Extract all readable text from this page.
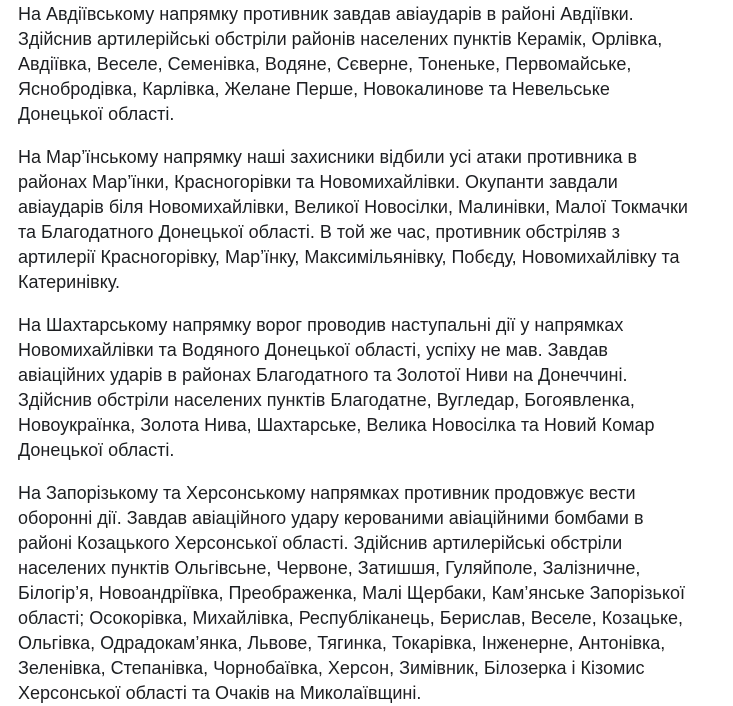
На Авдіївському напрямку противник завдав авіаударів в районі Авдіївки.
Здійснив артилерійські обстріли районів населених пунктів Керамік, Орлівка,
Авдіївка, Веселе, Семенівка, Водяне, Сєверне, Тоненьке, Первомайське,
Яснобродівка, Карлівка, Желане Перше, Новокалинове та Невельське
Донецької області.

На Мар’їнському напрямку наші захисники відбили усі атаки противника в
районах Мар’їнки, Красногорівки та Новомихайлівки. Окупанти завдали
авіаударів біля Новомихайлівки, Великої Новосілки, Малинівки, Малої Токмачки
та Благодатного Донецької області. В той же час, противник обстріляв з
артилерії Красногорівку, Мар’їнку, Максимільянівку, Побєду, Новомихайлівку та
Катеринівку.

На Шахтарському напрямку ворог проводив наступальні дії у напрямках
Новомихайлівки та Водяного Донецької області, успіху не мав. Завдав
авіаційних ударів в районах Благодатного та Золотої Ниви на Донеччині.
Здійснив обстріли населених пунктів Благодатне, Вугледар, Богоявленка,
Новоукраїнка, Золота Нива, Шахтарське, Велика Новосілка та Новий Комар
Донецької області.

На Запорізькому та Херсонському напрямках противник продовжує вести
оборонні дії. Завдав авіаційного удару керованими авіаційними бомбами в
районі Козацького Херсонської області. Здійснив артилерійські обстріли
населених пунктів Ольгівсьне, Червоне, Затишшя, Гуляйполе, Залізничне,
Білогір’я, Новоандріївка, Преображенка, Малі Щербаки, Кам’янське Запорізької
області; Осокорівка, Михайлівка, Республіканець, Берислав, Веселе, Козацьке,
Ольгівка, Одрадокам’янка, Львове, Тягинка, Токарівка, Інженерне, Антонівка,
Зеленівка, Степанівка, Чорнобаївка, Херсон, Зимівник, Білозерка і Кізомис
Херсонської області та Очаків на Миколаївщині.
